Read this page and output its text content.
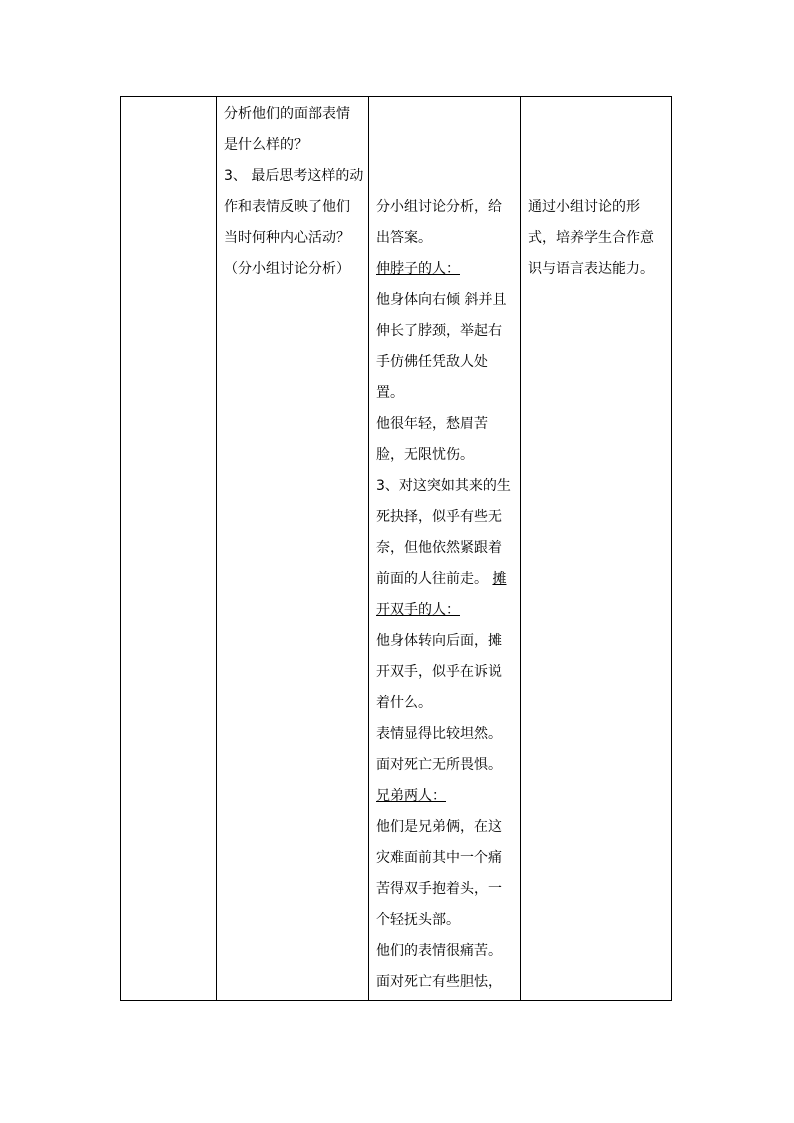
分析他们的面部表情

是什么样的？

3、 最后思考这样的动

作和表情反映了他们

当时何种内心活动？

（分小组讨论分析）

分小组讨论分析，给

出答案。

伸脖子的人：

他身体向右倾 斜并且

伸长了脖颈，举起右

手仿佛任凭敌人处

置。

他很年轻，愁眉苦

脸，无限忧伤。

3、对这突如其来的生

死抉择，似乎有些无

奈，但他依然紧跟着

前面的人往前走。 摊

开双手的人：

他身体转向后面，摊

开双手，似乎在诉说

着什么。

表情显得比较坦然。

面对死亡无所畏惧。

兄弟两人：

他们是兄弟俩，在这

灾难面前其中一个痛

苦得双手抱着头，一

个轻抚头部。

他们的表情很痛苦。

面对死亡有些胆怯，

通过小组讨论的形

式，培养学生合作意

识与语言表达能力。
